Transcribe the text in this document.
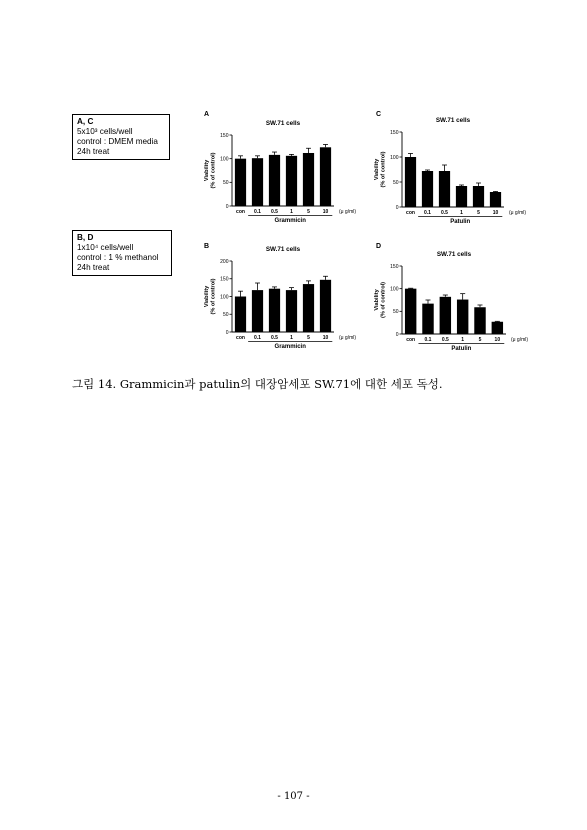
A, C
5x10³ cells/well
control : DMEM media
24h treat
B, D
1x10⁴ cells/well
control : 1 % methanol
24h treat
A
SW.71 cells
Viability(% of control)
0
50
100
150
con 0.1 0.5 1	5	10 (μ g/ml)
Grammicin
C
SW.71 cells
Viability(% of control)
0
50
100
150
con 0.1 0.5 1	5	10 (μ g/ml)
Patulin
B	SW.71 cells
Viability(% of control)
0
50
100
150
200
con 0.1 0.5 1	5	10 (μ g/ml)
Grammicin
D
SW.71 cells
Viability(% of control)
0
50
100
150
con 0.1 0.5 1	5	10 (μ g/ml)
Patulin
그림 14. Grammicin과 patulin의 대장암세포 SW.71에 대한 세포 독성.
- 107 -
